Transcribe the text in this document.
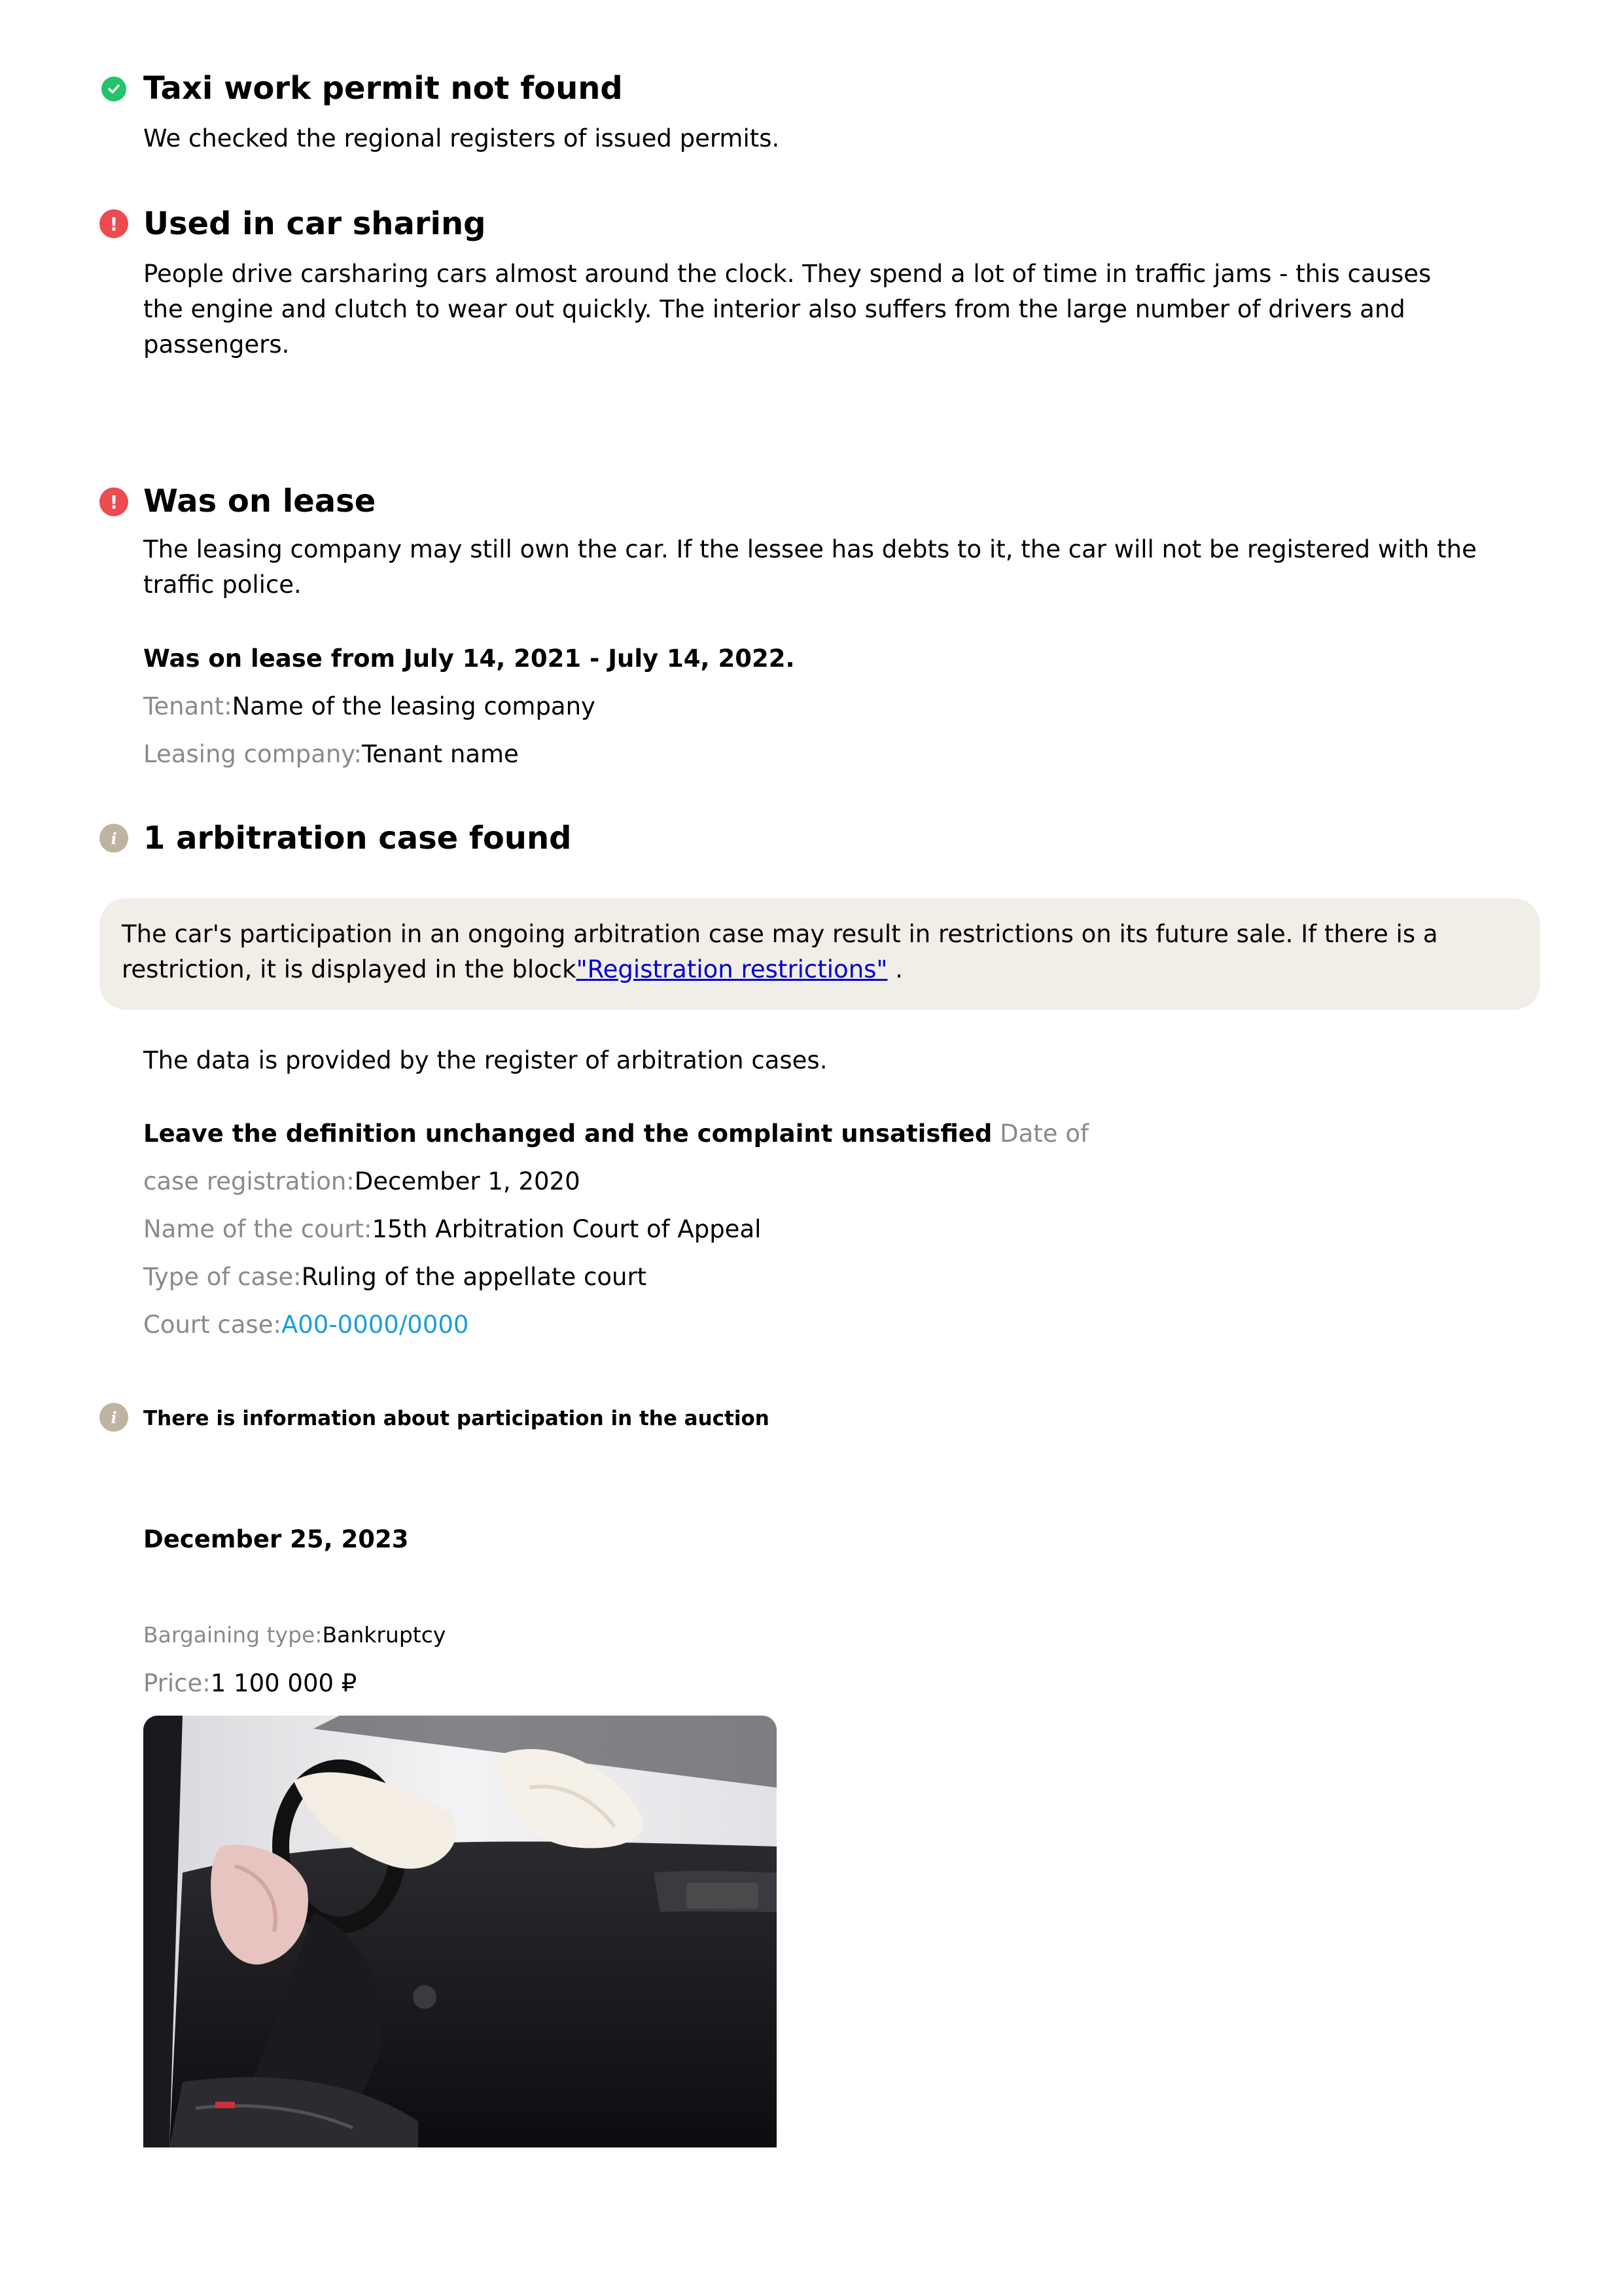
Taxi work permit not found

We checked the regional registers of issued permits.

! Used in car sharing

People drive carsharing cars almost around the clock. They spend a lot of time in traffic jams - this causes the engine and clutch to wear out quickly. The interior also suffers from the large number of drivers and passengers.

! Was on lease

The leasing company may still own the car. If the lessee has debts to it, the car will not be registered with the traffic police.

Was on lease from July 14, 2021 - July 14, 2022.

Tenant:Name of the leasing company

Leasing company:Tenant name

i 1 arbitration case found
The car's participation in an ongoing arbitration case may result in restrictions on its future sale. If there is a restriction, it is displayed in the block"Registration restrictions" .

The data is provided by the register of arbitration cases.

Leave the definition unchanged and the complaint unsatisfied Date of

case registration:December 1, 2020

Name of the court:15th Arbitration Court of Appeal

Type of case:Ruling of the appellate court

Court case:A00-0000/0000

i	There is information about participation in the auction

December 25, 2023

Bargaining type:Bankruptcy

Price:1 100 000 ₽
